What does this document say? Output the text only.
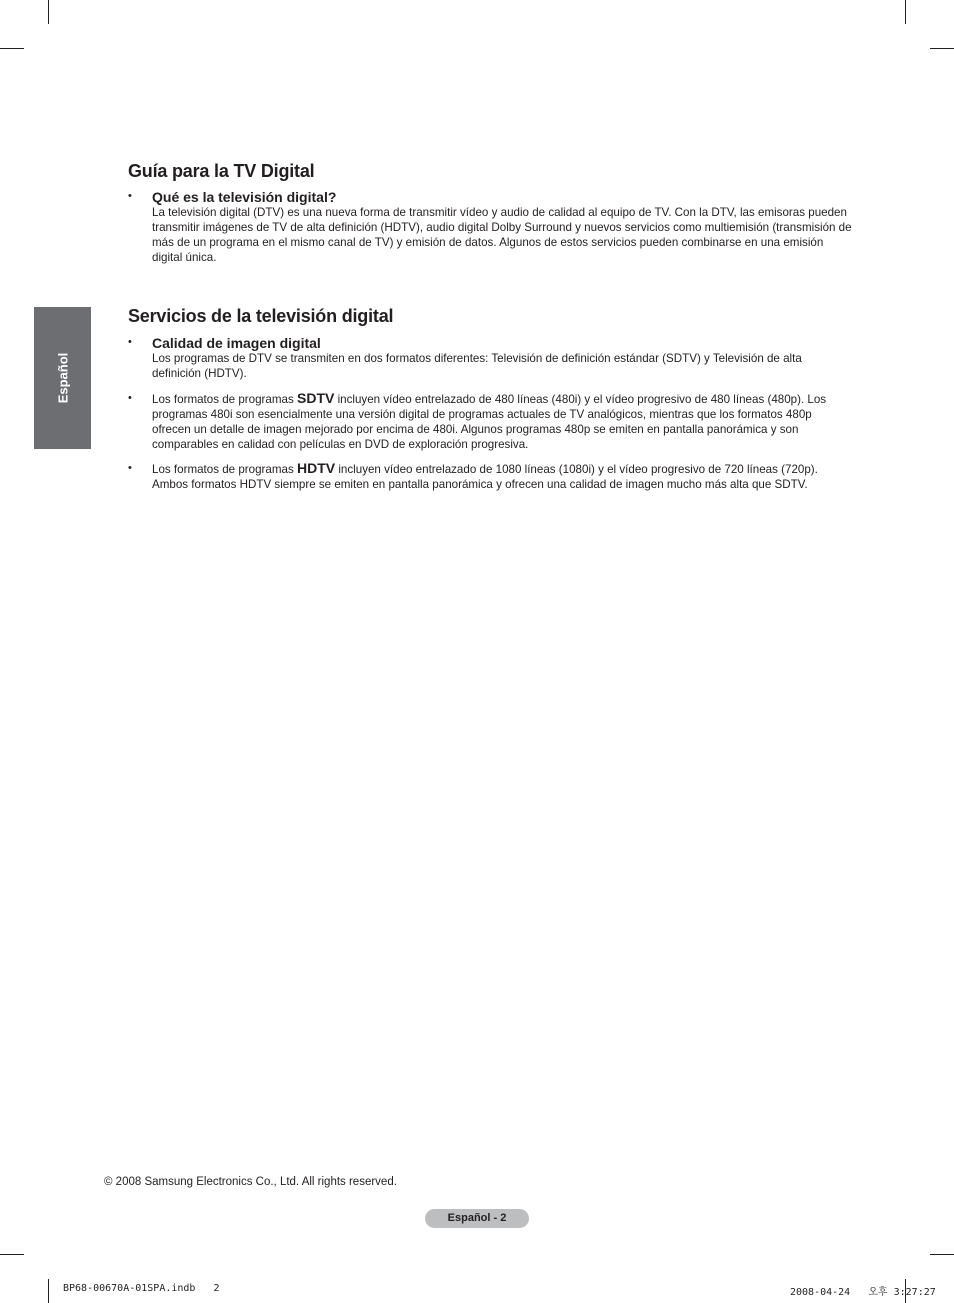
Español
Guía para la TV Digital
• Qué es la televisión digital?
La televisión digital (DTV) es una nueva forma de transmitir vídeo y audio de calidad al equipo de TV. Con la DTV, las emisoras pueden transmitir imágenes de TV de alta definición (HDTV), audio digital Dolby Surround y nuevos servicios como multiemisión (transmisión de más de un programa en el mismo canal de TV) y emisión de datos. Algunos de estos servicios pueden combinarse en una emisión digital única.
Servicios de la televisión digital
• Calidad de imagen digital
Los programas de DTV se transmiten en dos formatos diferentes: Televisión de definición estándar (SDTV) y Televisión de alta definición (HDTV).
• Los formatos de programas SDTV incluyen vídeo entrelazado de 480 líneas (480i) y el vídeo progresivo de 480 líneas (480p). Los programas 480i son esencialmente una versión digital de programas actuales de TV analógicos, mientras que los formatos 480p ofrecen un detalle de imagen mejorado por encima de 480i. Algunos programas 480p se emiten en pantalla panorámica y son comparables en calidad con películas en DVD de exploración progresiva.
• Los formatos de programas HDTV incluyen vídeo entrelazado de 1080 líneas (1080i) y el vídeo progresivo de 720 líneas (720p). Ambos formatos HDTV siempre se emiten en pantalla panorámica y ofrecen una calidad de imagen mucho más alta que SDTV.
© 2008 Samsung Electronics Co., Ltd. All rights reserved.
Español - 2
BP68-00670A-01SPA.indb   2	2008-04-24   오후 3:27:27
